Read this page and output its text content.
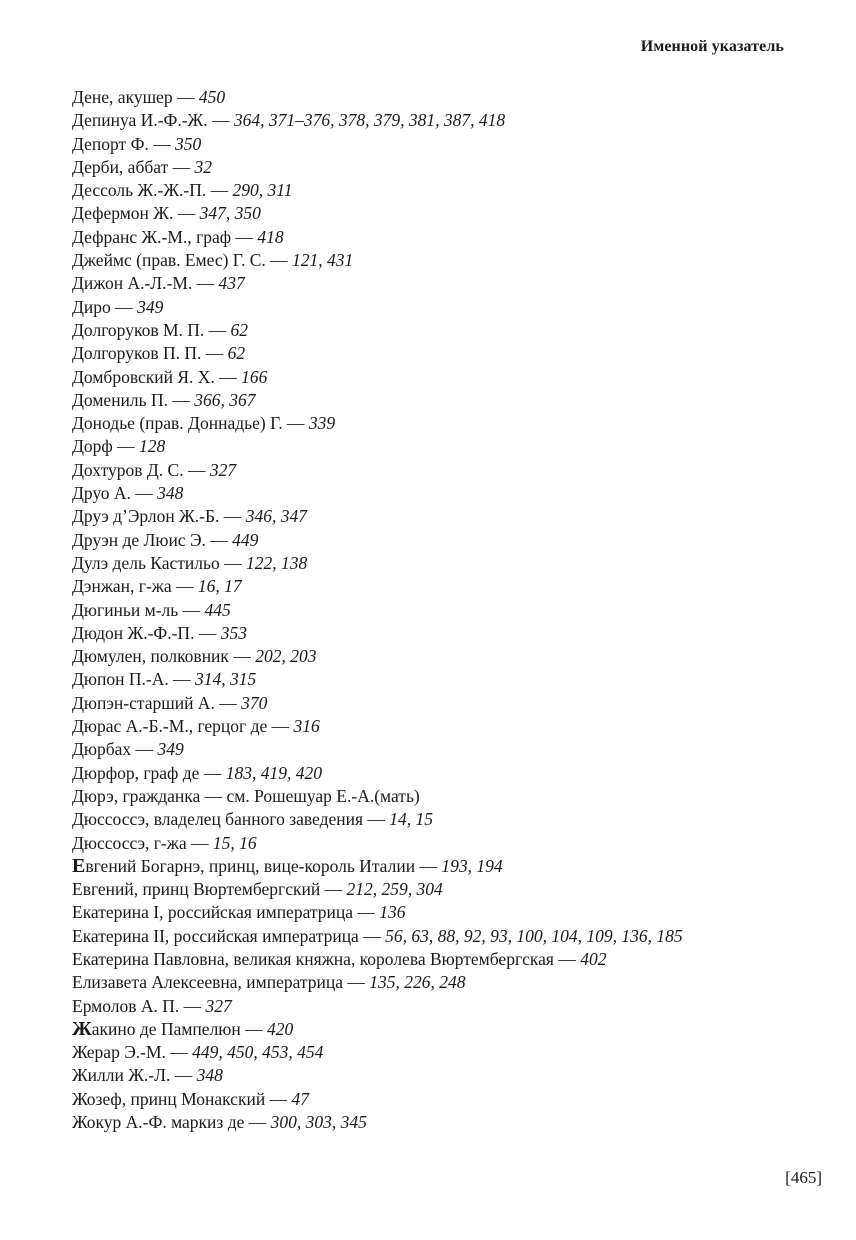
Именной указатель
Дене, акушер — 450
Депинуа И.-Ф.-Ж. — 364, 371–376, 378, 379, 381, 387, 418
Депорт Ф. — 350
Дерби, аббат — 32
Дессоль Ж.-Ж.-П. — 290, 311
Дефермон Ж. — 347, 350
Дефранс Ж.-М., граф — 418
Джеймс (прав. Емес) Г. С. — 121, 431
Дижон А.-Л.-М. — 437
Диро — 349
Долгоруков М. П. — 62
Долгоруков П. П. — 62
Домбровский Я. Х. — 166
Домениль П. — 366, 367
Донодье (прав. Доннадье) Г. — 339
Дорф — 128
Дохтуров Д. С. — 327
Друо А. — 348
Друэ д’Эрлон Ж.-Б. — 346, 347
Друэн де Люис Э. — 449
Дулэ дель Кастильо — 122, 138
Дэнжан, г-жа — 16, 17
Дюгиньи м-ль — 445
Дюдон Ж.-Ф.-П. — 353
Дюмулен, полковник — 202, 203
Дюпон П.-А. — 314, 315
Дюпэн-старший А. — 370
Дюрас А.-Б.-М., герцог де — 316
Дюрбах — 349
Дюрфор, граф де — 183, 419, 420
Дюрэ, гражданка — см. Рошешуар Е.-А.(мать)
Дюссоссэ, владелец банного заведения — 14, 15
Дюссоссэ, г-жа — 15, 16
Евгений Богарнэ, принц, вице-король Италии — 193, 194
Евгений, принц Вюртембергский — 212, 259, 304
Екатерина I, российская императрица — 136
Екатерина II, российская императрица — 56, 63, 88, 92, 93, 100, 104, 109, 136, 185
Екатерина Павловна, великая княжна, королева Вюртембергская — 402
Елизавета Алексеевна, императрица — 135, 226, 248
Ермолов А. П. — 327
Жакино де Пампелюн — 420
Жерар Э.-М. — 449, 450, 453, 454
Жилли Ж.-Л. — 348
Жозеф, принц Монакский — 47
Жокур А.-Ф. маркиз де — 300, 303, 345
[465]
